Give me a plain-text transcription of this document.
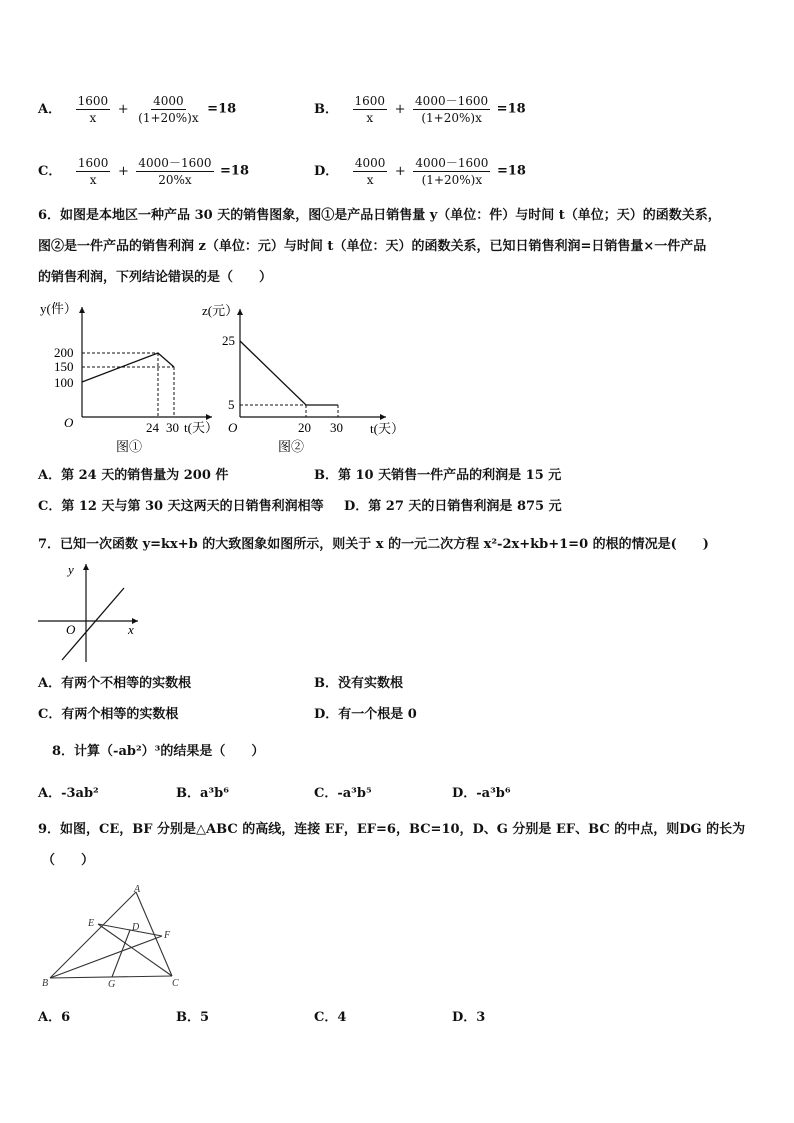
A． $\frac{1600}{x} + \frac{4000}{(1+20\%)x} =18$	B． $\frac{1600}{x} + \frac{4000-1600}{(1+20\%)x} =18$
C． $\frac{1600}{x} + \frac{4000-1600}{20\%x} =18$	D． $\frac{4000}{x} + \frac{4000-1600}{(1+20\%)x} =18$
6．如图是本地区一种产品 30 天的销售图象，图①是产品日销售量 y（单位：件）与时间 t（单位；天）的函数关系，
图②是一件产品的销售利润 z（单位：元）与时间 t（单位：天）的函数关系，已知日销售利润=日销售量×一件产品
的销售利润，下列结论错误的是（　　）
y(件）
200
150
100
O	24 30 t(天）
图①
z(元）
25
5
O	20 30 t(天）
图②
A．第 24 天的销售量为 200 件	B．第 10 天销售一件产品的利润是 15 元
C．第 12 天与第 30 天这两天的日销售利润相等 D．第 27 天的日销售利润是 875 元
7．已知一次函数 y=kx+b 的大致图象如图所示，则关于 x 的一元二次方程 x²-2x+kb+1=0 的根的情况是(　　)
y
x
O
A．有两个不相等的实数根	B．没有实数根
C．有两个相等的实数根	D．有一个根是 0
8．计算（-ab²）³的结果是（　　）
A．-3ab²	B．a³b⁶	C．-a³b⁵	D．-a³b⁶
9．如图，CE，BF 分别是△ABC 的高线，连接 EF，EF=6，BC=10，D、G 分别是 EF、BC 的中点，则DG 的长为
（　　）
A
B	C
D
E
F
G
A．6	B．5	C．4	D．3
